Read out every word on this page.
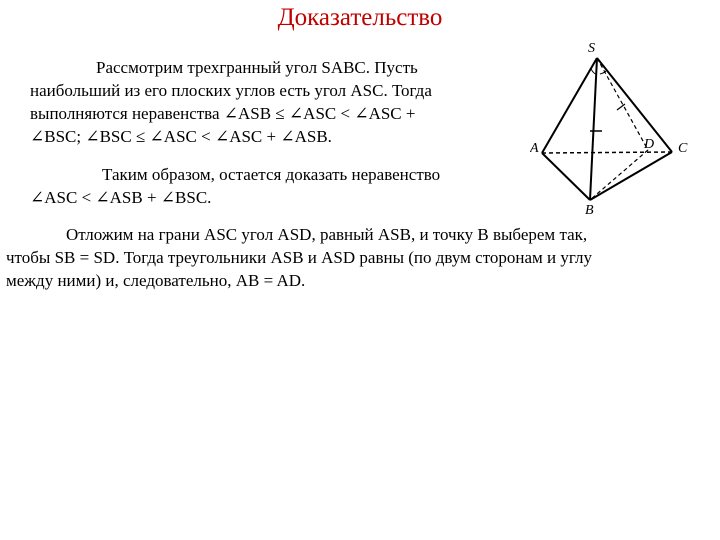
Доказательство
Рассмотрим трехгранный угол SABC. Пусть
наибольший из его плоских углов есть угол ASC. Тогда
выполняются неравенства ∠ASB ≤ ∠ASC < ∠ASC +
∠BSC; ∠BSC ≤ ∠ASC < ∠ASC + ∠ASB.
Таким образом, остается доказать неравенство
∠ASC < ∠ASB + ∠BSC.
Отложим на грани ASC угол ASD, равный ASB, и точку B выберем так,
чтобы SB = SD. Тогда треугольники ASB и ASD равны (по двум сторонам и углу
между ними) и, следовательно, AB = AD.
S
A	C
D
B
